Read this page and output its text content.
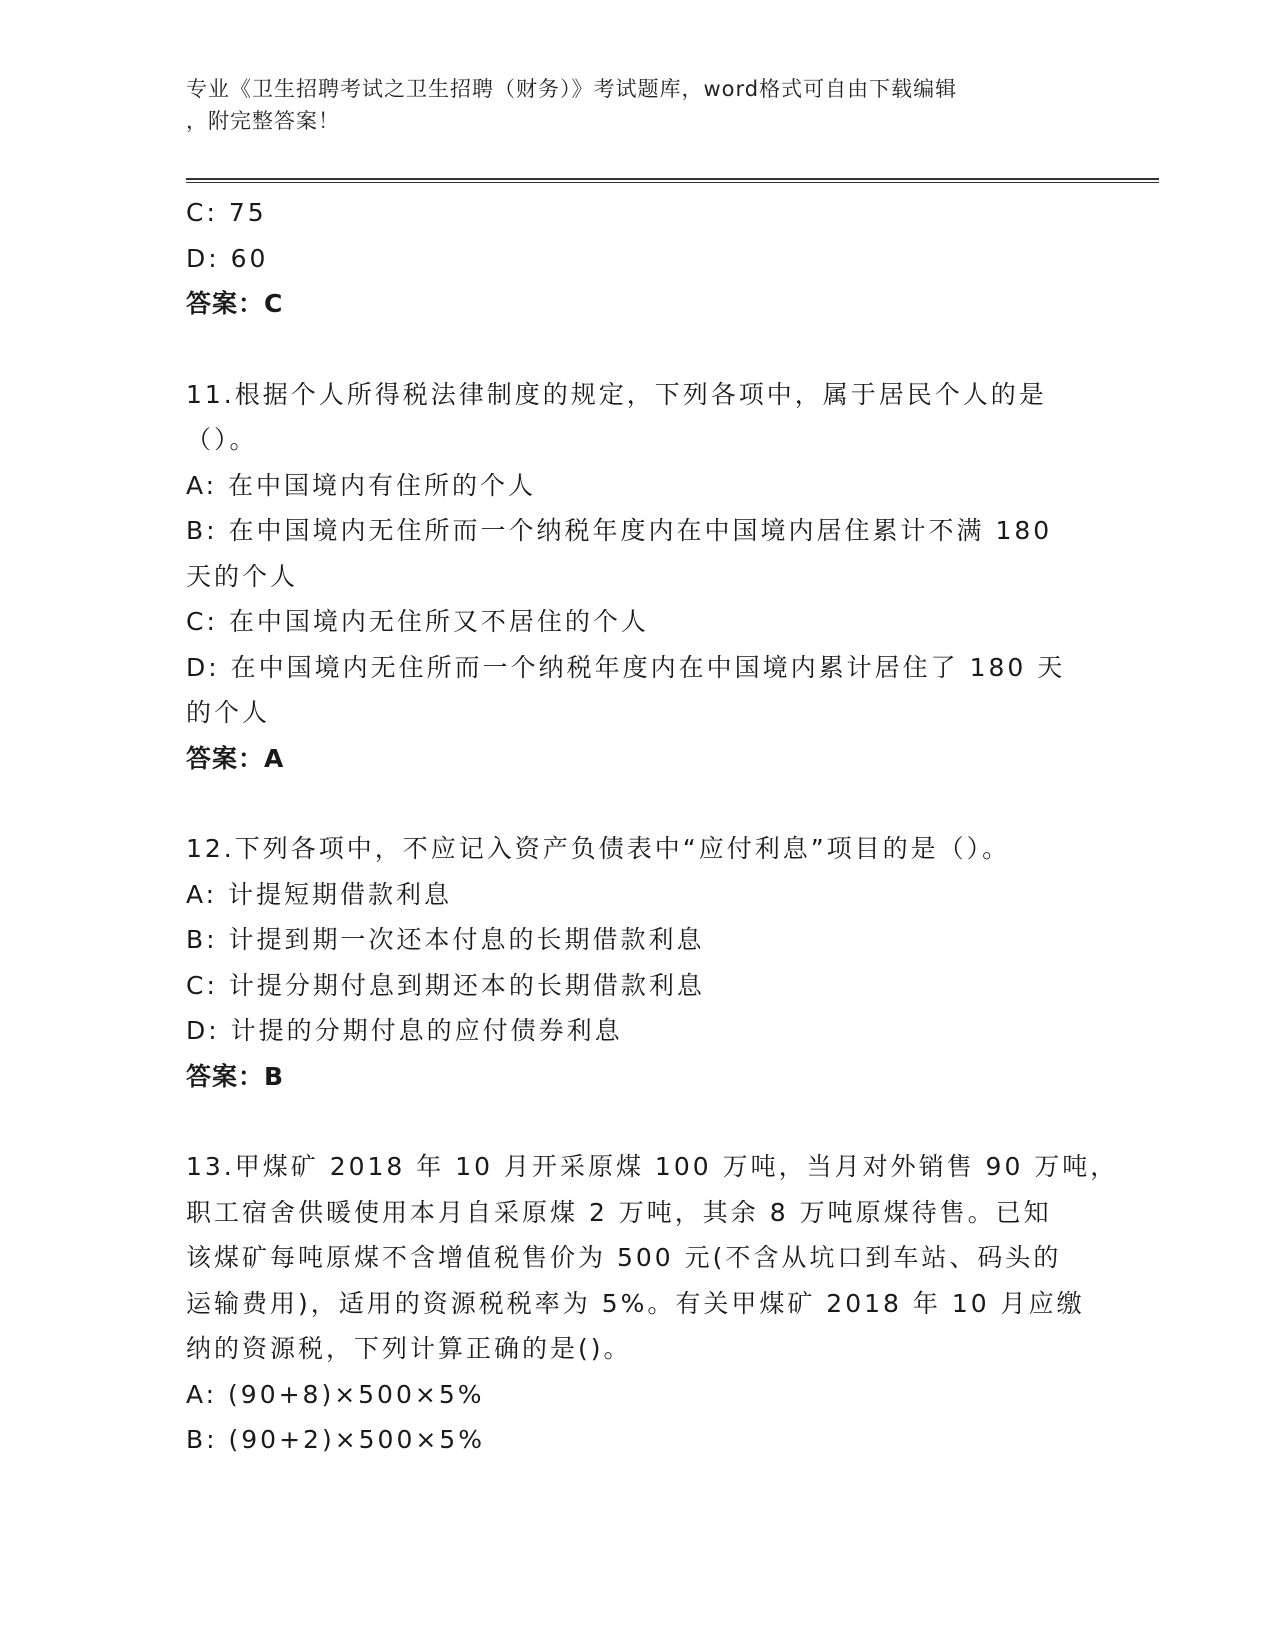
专业《卫生招聘考试之卫生招聘（财务）》考试题库，word格式可自由下载编辑
，附完整答案！
C: 75
D: 60
答案：C
11.根据个人所得税法律制度的规定，下列各项中，属于居民个人的是
（）。
A: 在中国境内有住所的个人
B: 在中国境内无住所而一个纳税年度内在中国境内居住累计不满 180
天的个人
C: 在中国境内无住所又不居住的个人
D: 在中国境内无住所而一个纳税年度内在中国境内累计居住了 180 天
的个人
答案：A
12.下列各项中，不应记入资产负债表中“应付利息”项目的是（）。
A: 计提短期借款利息
B: 计提到期一次还本付息的长期借款利息
C: 计提分期付息到期还本的长期借款利息
D: 计提的分期付息的应付债券利息
答案：B
13.甲煤矿 2018 年 10 月开采原煤 100 万吨，当月对外销售 90 万吨，
职工宿舍供暖使用本月自采原煤 2 万吨，其余 8 万吨原煤待售。已知
该煤矿每吨原煤不含增值税售价为 500 元(不含从坑口到车站、码头的
运输费用)，适用的资源税税率为 5%。有关甲煤矿 2018 年 10 月应缴
纳的资源税，下列计算正确的是()。
A: (90+8)×500×5%
B: (90+2)×500×5%
